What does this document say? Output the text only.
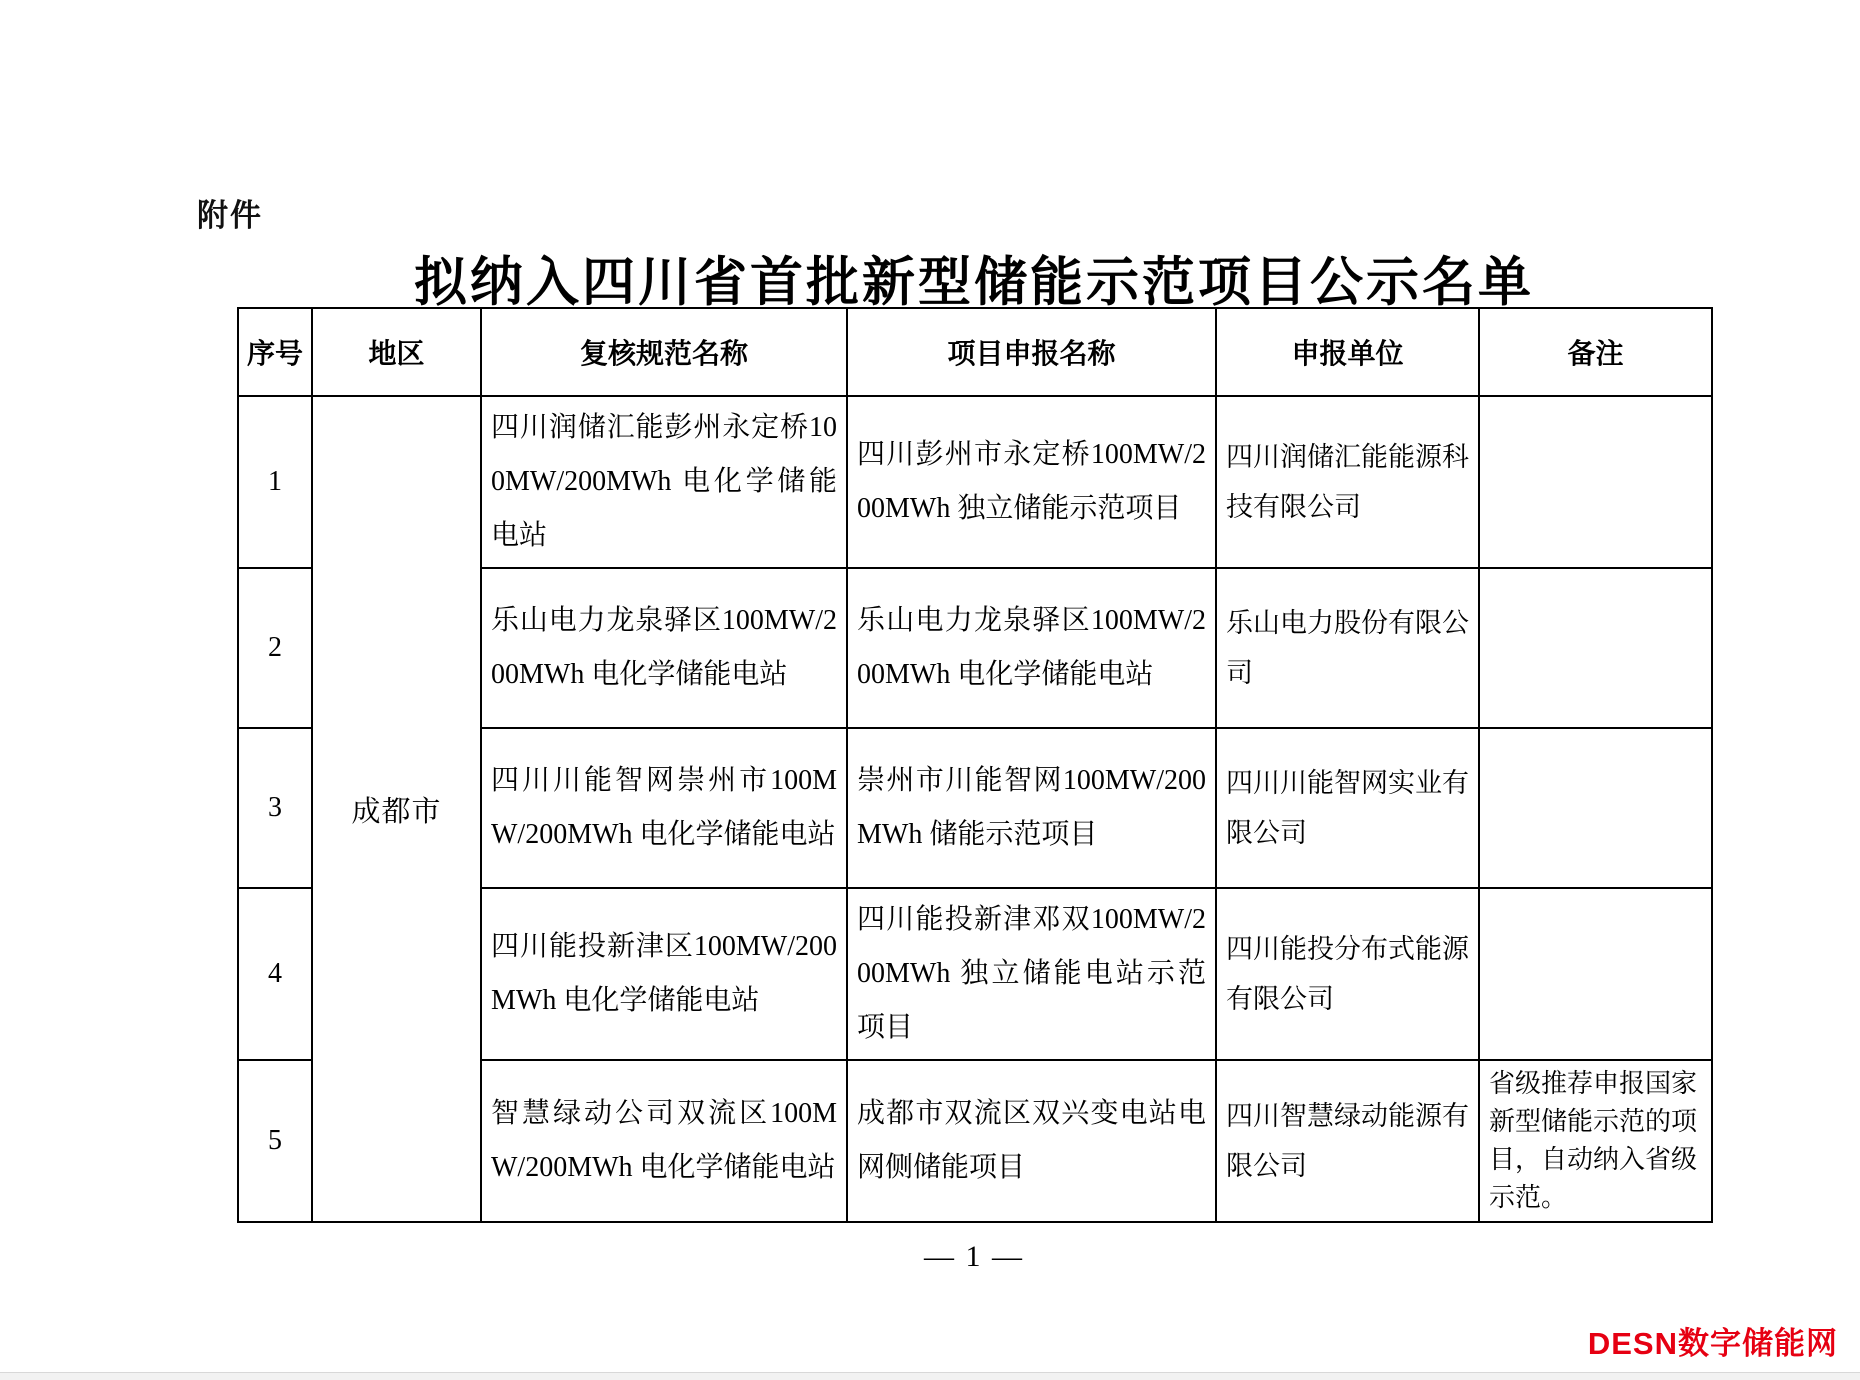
附件
拟纳入四川省首批新型储能示范项目公示名单
序号	地区	复核规范名称	项目申报名称	申报单位	备注
1	成都市	四川润储汇能彭州永定桥100MW/200MWh 电化学储能电站	四川彭州市永定桥100MW/200MWh 独立储能示范项目	四川润储汇能能源科技有限公司	
2		乐山电力龙泉驿区100MW/200MWh 电化学储能电站	乐山电力龙泉驿区100MW/200MWh 电化学储能电站	乐山电力股份有限公司	
3		四川川能智网崇州市100MW/200MWh 电化学储能电站	崇州市川能智网100MW/200MWh 储能示范项目	四川川能智网实业有限公司	
4		四川能投新津区100MW/200MWh 电化学储能电站	四川能投新津邓双100MW/200MWh 独立储能电站示范项目	四川能投分布式能源有限公司	
5		智慧绿动公司双流区100MW/200MWh 电化学储能电站	成都市双流区双兴变电站电网侧储能项目	四川智慧绿动能源有限公司	省级推荐申报国家新型储能示范的项目，自动纳入省级示范。
— 1 —
DESN数字储能网
